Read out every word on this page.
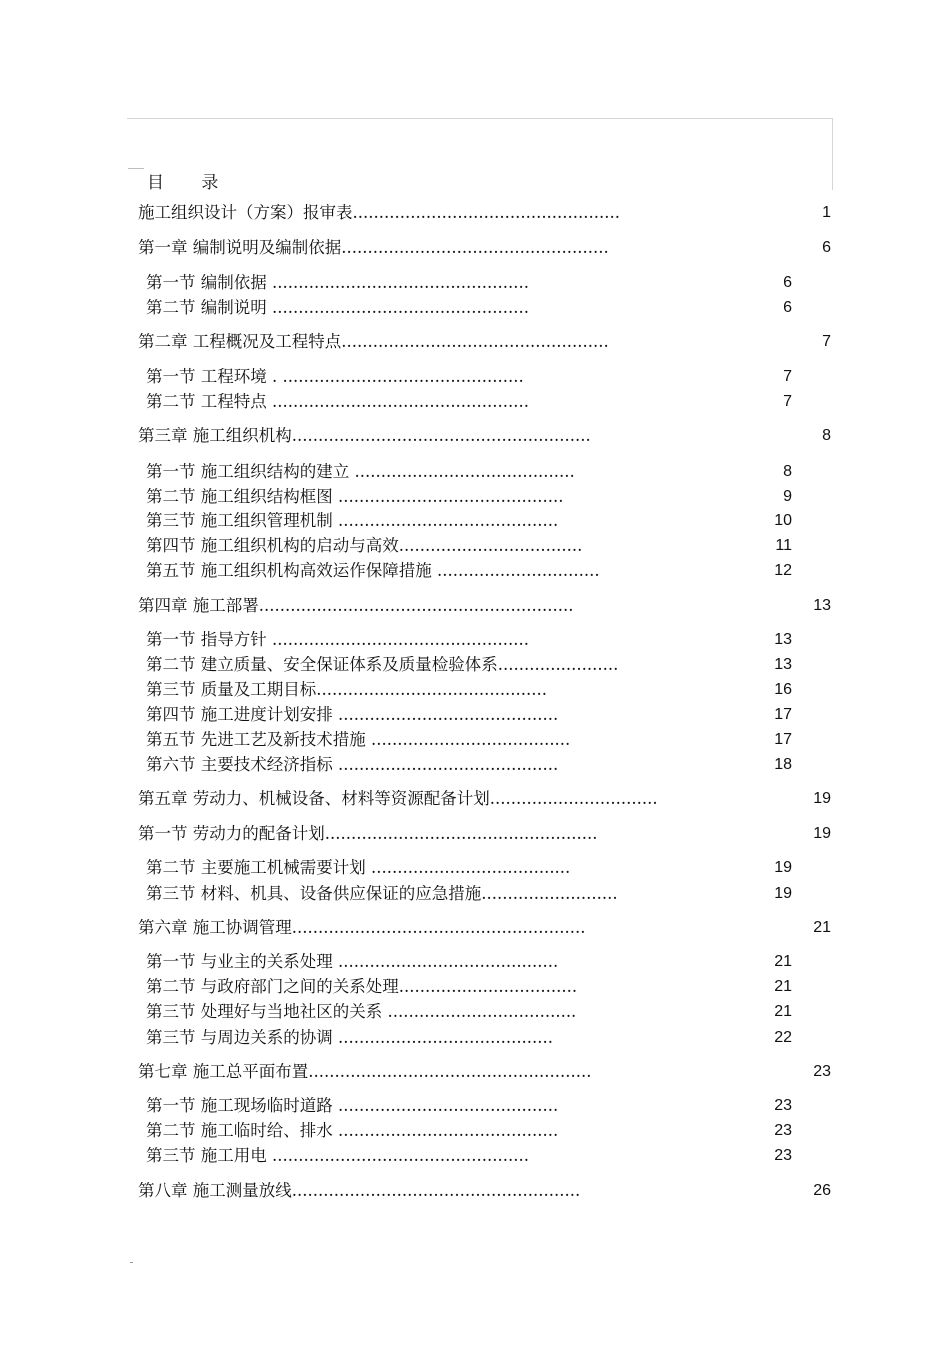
目 录
施工组织设计（方案）报审表...................................................	1
第一章 编制说明及编制依据...................................................	6
第一节 编制依据 .................................................	6
第二节 编制说明 .................................................	6
第二章 工程概况及工程特点...................................................	7
第一节 工程环境 . ..............................................	7
第二节 工程特点 .................................................	7
第三章 施工组织机构.........................................................	8
第一节 施工组织结构的建立 ..........................................	8
第二节 施工组织结构框图 ...........................................	9
第三节 施工组织管理机制 ..........................................	10
第四节 施工组织机构的启动与高效...................................	11
第五节 施工组织机构高效运作保障措施 ...............................	12
第四章 施工部署............................................................	13
第一节 指导方针 .................................................	13
第二节 建立质量、安全保证体系及质量检验体系.......................	13
第三节 质量及工期目标............................................	16
第四节 施工进度计划安排 ..........................................	17
第五节 先进工艺及新技术措施 ......................................	17
第六节 主要技术经济指标 ..........................................	18
第五章 劳动力、机械设备、材料等资源配备计划................................	19
第一节 劳动力的配备计划....................................................	19
第二节 主要施工机械需要计划 ......................................	19
第三节 材料、机具、设备供应保证的应急措施..........................	19
第六章 施工协调管理........................................................	21
第一节 与业主的关系处理 ..........................................	21
第二节 与政府部门之间的关系处理..................................	21
第三节 处理好与当地社区的关系 ....................................	21
第三节 与周边关系的协调 .........................................	22
第七章 施工总平面布置......................................................	23
第一节 施工现场临时道路 ..........................................	23
第二节 施工临时给、排水 ..........................................	23
第三节 施工用电 .................................................	23
第八章 施工测量放线.......................................................	26
